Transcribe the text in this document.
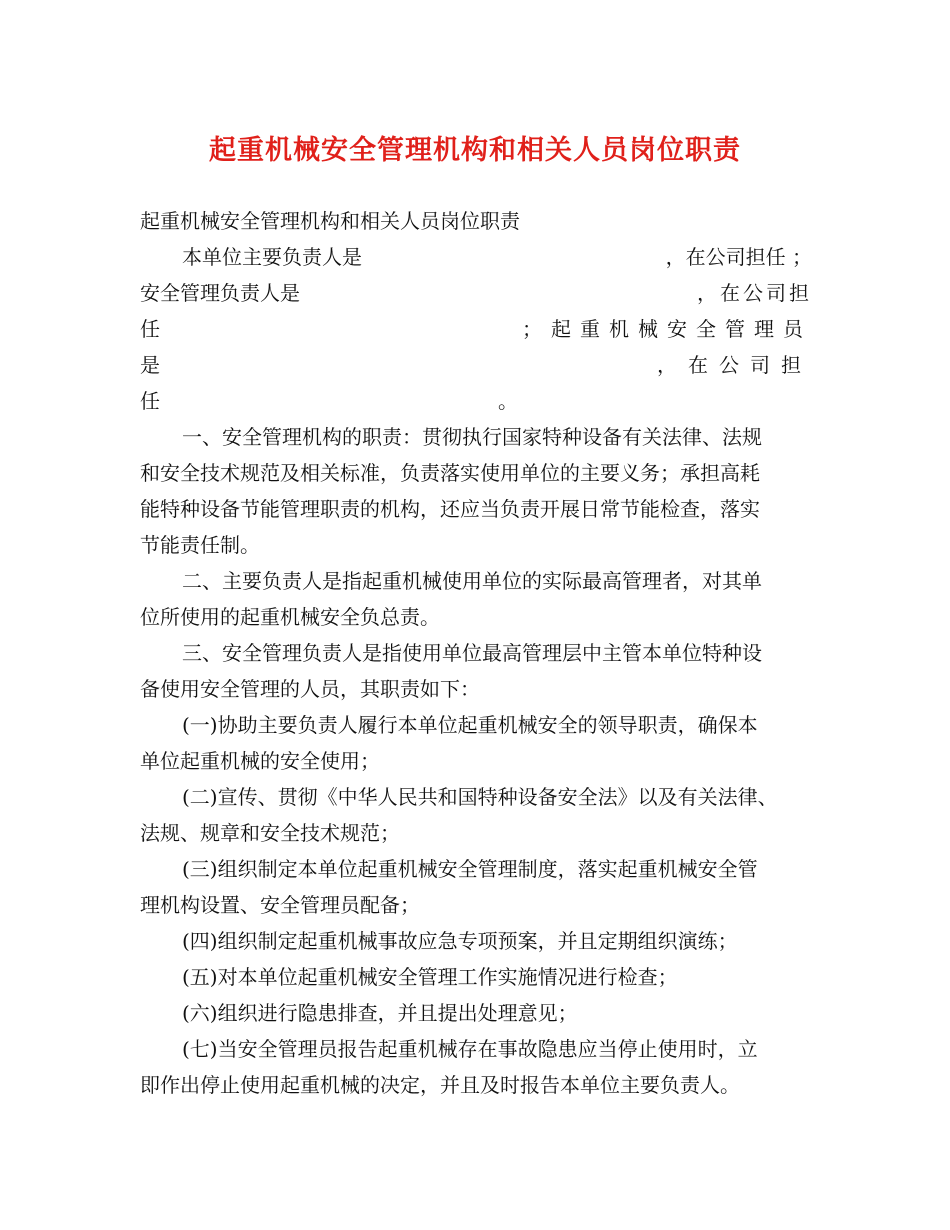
起重机械安全管理机构和相关人员岗位职责
起重机械安全管理机构和相关人员岗位职责
本单位主要负责人是	，在公司担任 ；
安全管理负责人是	，在公司担
任	；起重机械安全管理员
是	，在公司担
任	。
一、安全管理机构的职责：贯彻执行国家特种设备有关法律、法规
和安全技术规范及相关标准，负责落实使用单位的主要义务；承担高耗
能特种设备节能管理职责的机构，还应当负责开展日常节能检查，落实
节能责任制。
二、主要负责人是指起重机械使用单位的实际最高管理者，对其单
位所使用的起重机械安全负总责。
三、安全管理负责人是指使用单位最高管理层中主管本单位特种设
备使用安全管理的人员，其职责如下：
(一)协助主要负责人履行本单位起重机械安全的领导职责，确保本
单位起重机械的安全使用；
(二)宣传、贯彻《中华人民共和国特种设备安全法》以及有关法律、
法规、规章和安全技术规范；
(三)组织制定本单位起重机械安全管理制度，落实起重机械安全管
理机构设置、安全管理员配备；
(四)组织制定起重机械事故应急专项预案，并且定期组织演练；
(五)对本单位起重机械安全管理工作实施情况进行检查；
(六)组织进行隐患排查，并且提出处理意见；
(七)当安全管理员报告起重机械存在事故隐患应当停止使用时，立
即作出停止使用起重机械的决定，并且及时报告本单位主要负责人。
